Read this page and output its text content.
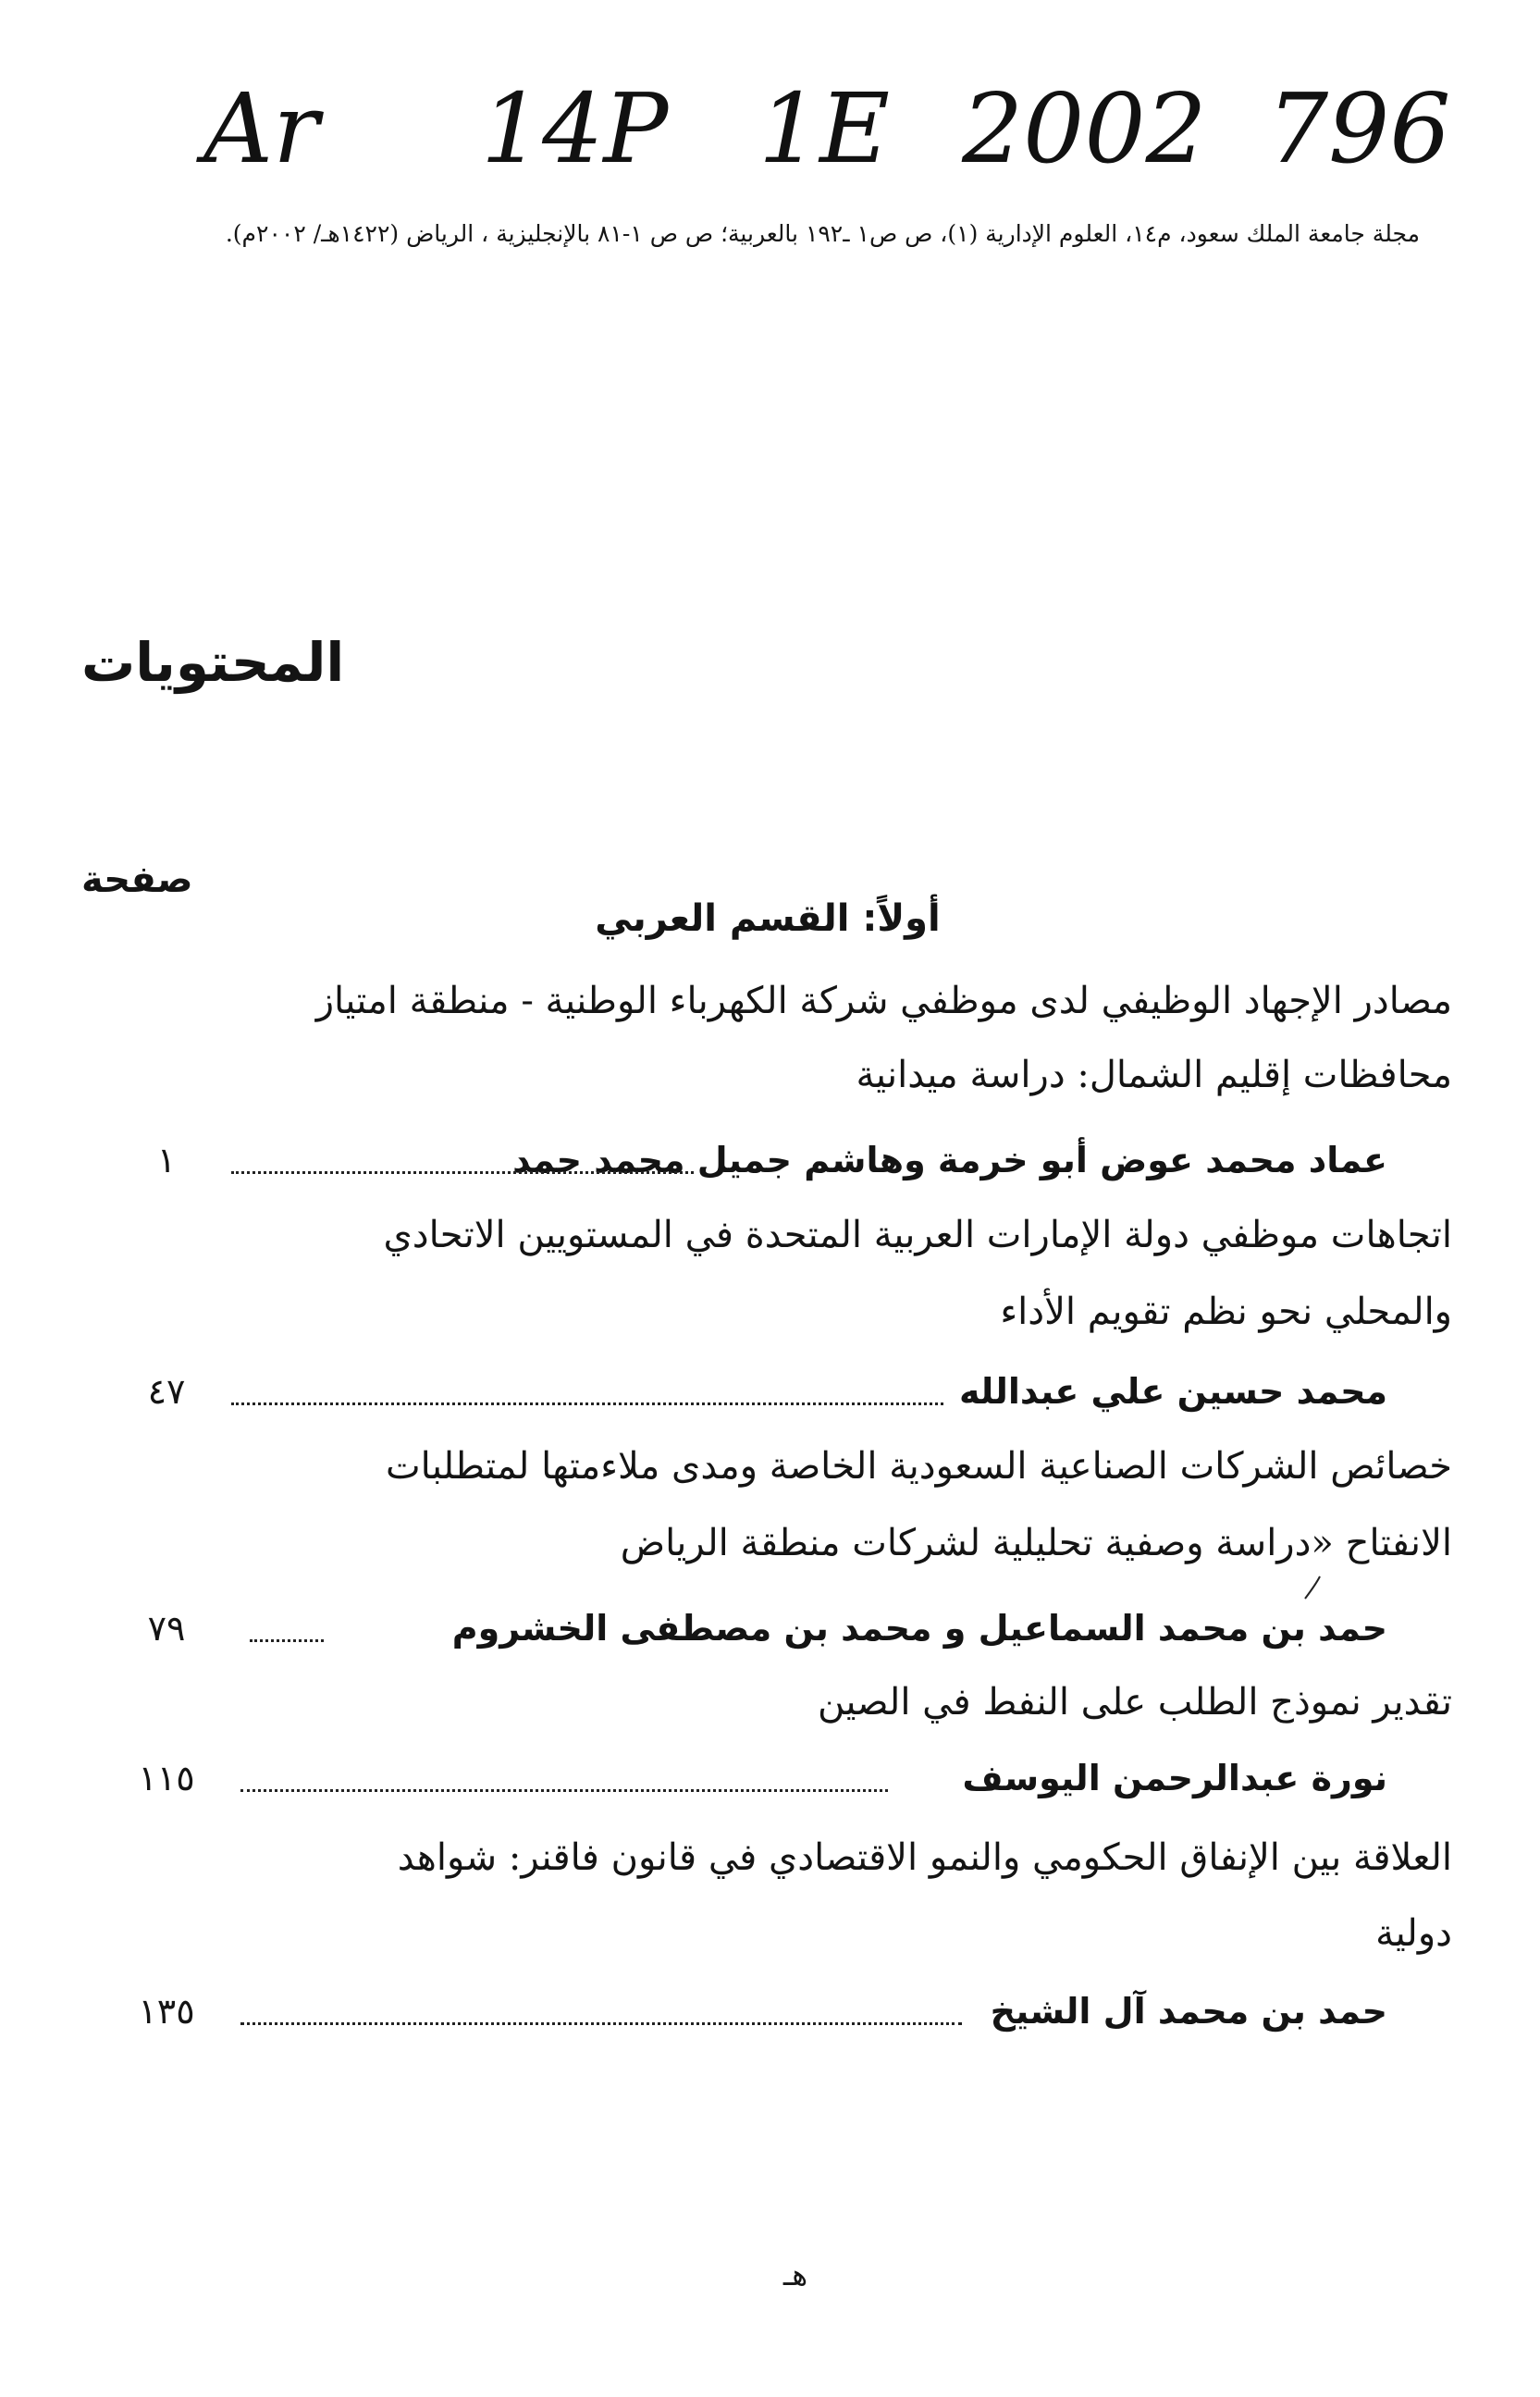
Ar 14P 1E 2002 796
مجلة جامعة الملك سعود، م١٤، العلوم الإدارية (١)، ص ص١ ـ١٩٢ بالعربية؛ ص ص ١-٨١ بالإنجليزية ، الرياض (١٤٢٢هـ/ ٢٠٠٢م).
المحتويات
صفحة
أولاً: القسم العربي
مصادر الإجهاد الوظيفي لدى موظفي شركة الكهرباء الوطنية - منطقة امتياز
محافظات إقليم الشمال: دراسة ميدانية
عماد محمد عوض أبو خرمة وهاشم جميل محمد حمد
١
اتجاهات موظفي دولة الإمارات العربية المتحدة في المستويين الاتحادي
والمحلي نحو نظم تقويم الأداء
محمد حسين علي عبدالله
٤٧
خصائص الشركات الصناعية السعودية الخاصة ومدى ملاءمتها لمتطلبات
الانفتاح «دراسة وصفية تحليلية لشركات منطقة الرياض
حمد بن محمد السماعيل و محمد بن مصطفى الخشروم
٧٩
تقدير نموذج الطلب على النفط في الصين
نورة عبدالرحمن اليوسف
١١٥
العلاقة بين الإنفاق الحكومي والنمو الاقتصادي في قانون فاقنر: شواهد
دولية
حمد بن محمد آل الشيخ
١٣٥
هـ
